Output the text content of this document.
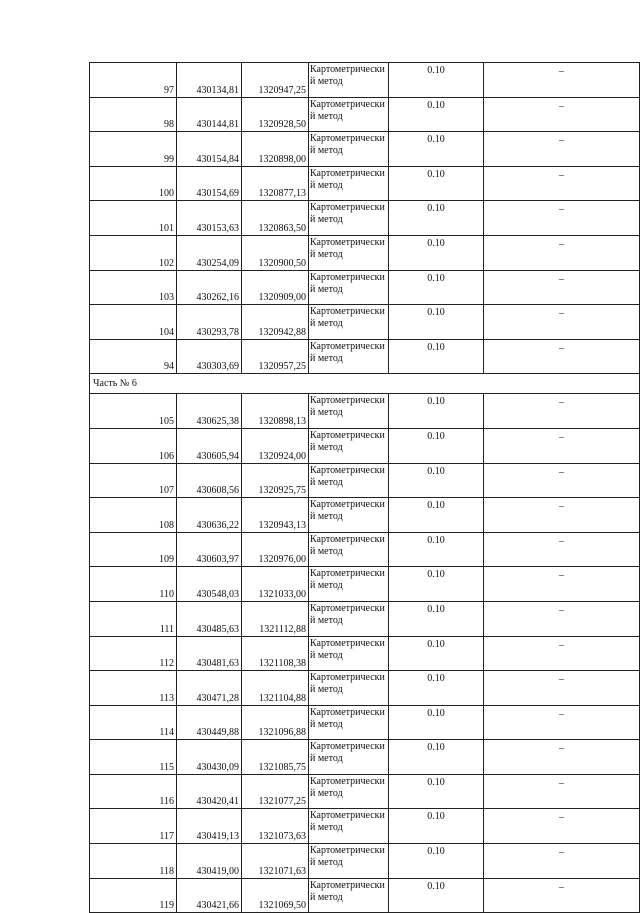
97	430134,81	1320947,25	Картометрический метод	0.10	–
98	430144,81	1320928,50	Картометрический метод	0.10	–
99	430154,84	1320898,00	Картометрический метод	0.10	–
100	430154,69	1320877,13	Картометрический метод	0.10	–
101	430153,63	1320863,50	Картометрический метод	0.10	–
102	430254,09	1320900,50	Картометрический метод	0.10	–
103	430262,16	1320909,00	Картометрический метод	0.10	–
104	430293,78	1320942,88	Картометрический метод	0.10	–
94	430303,69	1320957,25	Картометрический метод	0.10	–
Часть № 6					
105	430625,38	1320898,13	Картометрический метод	0.10	–
106	430605,94	1320924,00	Картометрический метод	0.10	–
107	430608,56	1320925,75	Картометрический метод	0.10	–
108	430636,22	1320943,13	Картометрический метод	0.10	–
109	430603,97	1320976,00	Картометрический метод	0.10	–
110	430548,03	1321033,00	Картометрический метод	0.10	–
111	430485,63	1321112,88	Картометрический метод	0.10	–
112	430481,63	1321108,38	Картометрический метод	0.10	–
113	430471,28	1321104,88	Картометрический метод	0.10	–
114	430449,88	1321096,88	Картометрический метод	0.10	–
115	430430,09	1321085,75	Картометрический метод	0.10	–
116	430420,41	1321077,25	Картометрический метод	0.10	–
117	430419,13	1321073,63	Картометрический метод	0.10	–
118	430419,00	1321071,63	Картометрический метод	0.10	–
119	430421,66	1321069,50	Картометрический метод	0.10	–
